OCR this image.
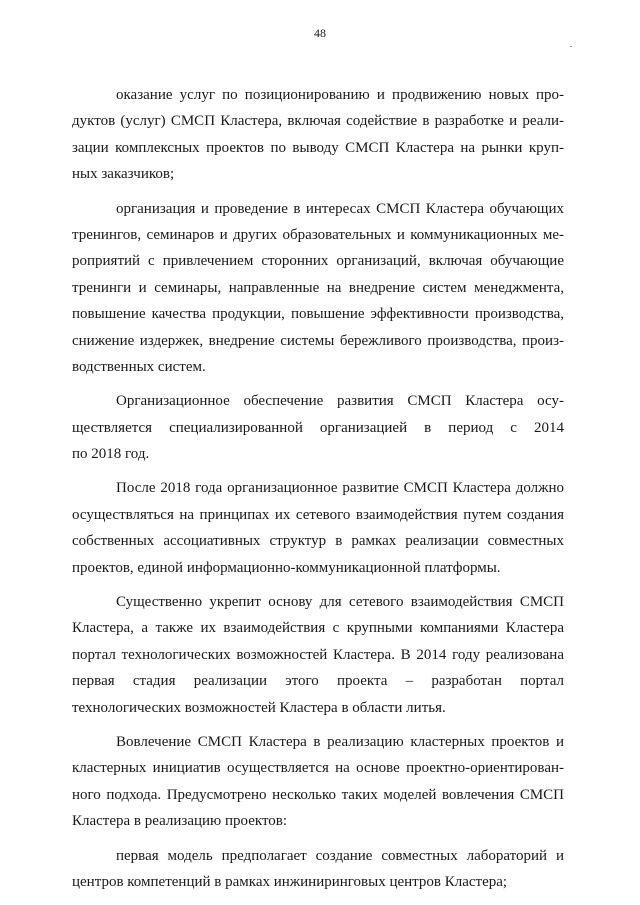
48
оказание услуг по позиционированию и продвижению новых про-
дуктов (услуг) СМСП Кластера, включая содействие в разработке и реали-
зации комплексных проектов по выводу СМСП Кластера на рынки круп-
ных заказчиков;
организация и проведение в интересах СМСП Кластера обучающих
тренингов, семинаров и других образовательных и коммуникационных ме-
роприятий с привлечением сторонних организаций, включая обучающие
тренинги и семинары, направленные на внедрение систем менеджмента,
повышение качества продукции, повышение эффективности производства,
снижение издержек, внедрение системы бережливого производства, произ-
водственных систем.
Организационное обеспечение развития СМСП Кластера осу-
ществляется специализированной организацией в период с 2014
по 2018 год.
После 2018 года организационное развитие СМСП Кластера должно
осуществляться на принципах их сетевого взаимодействия путем создания
собственных ассоциативных структур в рамках реализации совместных
проектов, единой информационно-коммуникационной платформы.
Существенно укрепит основу для сетевого взаимодействия СМСП
Кластера, а также их взаимодействия с крупными компаниями Кластера
портал технологических возможностей Кластера. В 2014 году реализована
первая стадия реализации этого проекта – разработан портал
технологических возможностей Кластера в области литья.
Вовлечение СМСП Кластера в реализацию кластерных проектов и
кластерных инициатив осуществляется на основе проектно-ориентирован-
ного подхода. Предусмотрено несколько таких моделей вовлечения СМСП
Кластера в реализацию проектов:
первая модель предполагает создание совместных лабораторий и
центров компетенций в рамках инжиниринговых центров Кластера;
